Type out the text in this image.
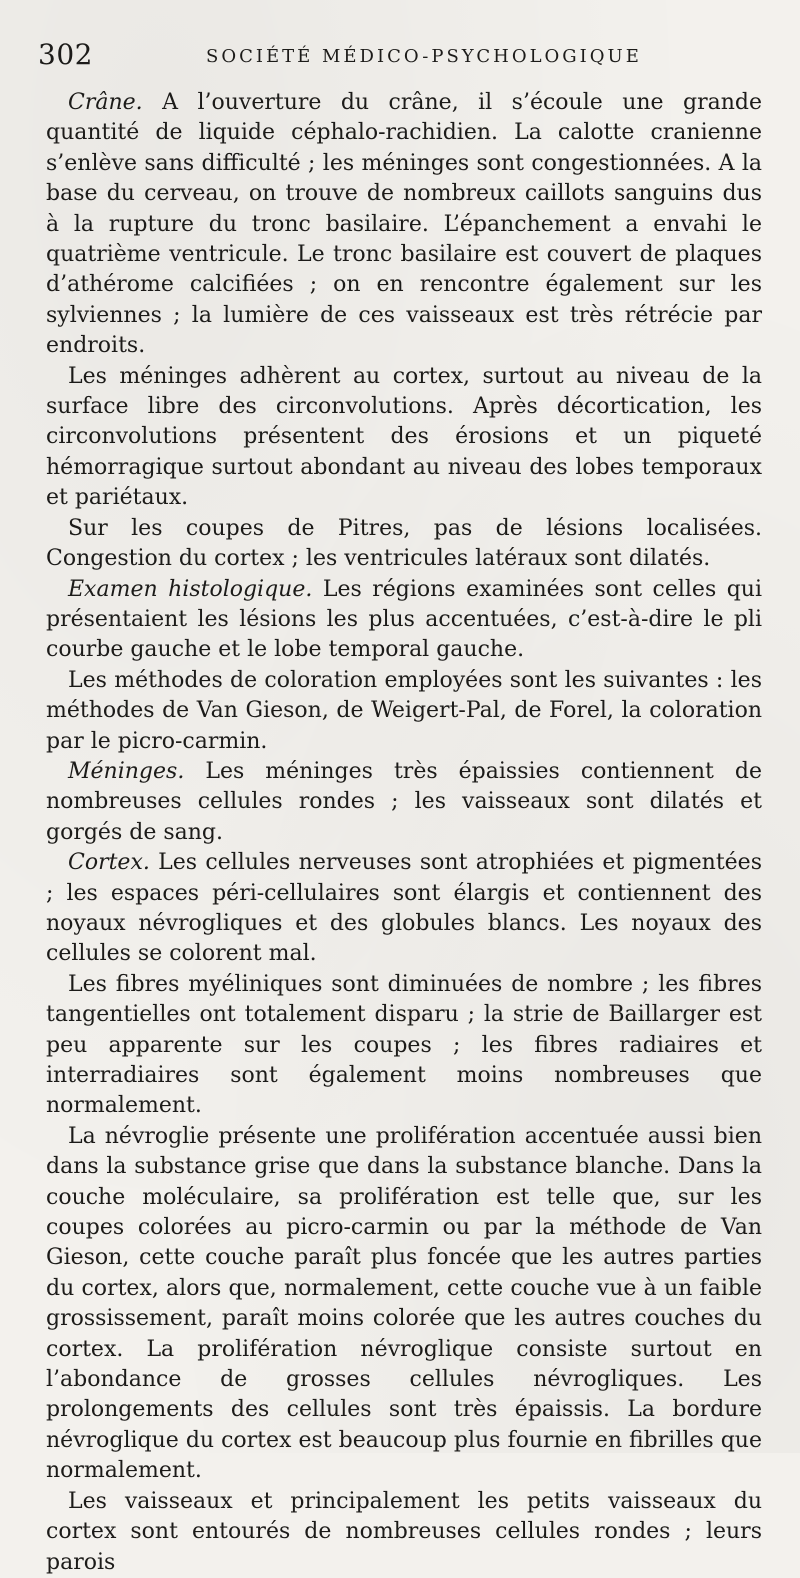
302	SOCIÉTÉ MÉDICO-PSYCHOLOGIQUE

Crâne. A l’ouverture du crâne, il s’écoule une grande quantité de liquide céphalo-rachidien. La calotte cranienne s’enlève sans difficulté ; les méninges sont congestionnées. A la base du cerveau, on trouve de nombreux caillots sanguins dus à la rupture du tronc basilaire. L’épanchement a envahi le quatrième ventricule. Le tronc basilaire est couvert de plaques d’athérome calcifiées ; on en rencontre également sur les sylviennes ; la lumière de ces vaisseaux est très rétrécie par endroits.

Les méninges adhèrent au cortex, surtout au niveau de la surface libre des circonvolutions. Après décortication, les circonvolutions présentent des érosions et un piqueté hémorragique surtout abondant au niveau des lobes temporaux et pariétaux.

Sur les coupes de Pitres, pas de lésions localisées. Congestion du cortex ; les ventricules latéraux sont dilatés.

Examen histologique. Les régions examinées sont celles qui présentaient les lésions les plus accentuées, c’est-à-dire le pli courbe gauche et le lobe temporal gauche.

Les méthodes de coloration employées sont les suivantes : les méthodes de Van Gieson, de Weigert-Pal, de Forel, la coloration par le picro-carmin.

Méninges. Les méninges très épaissies contiennent de nombreuses cellules rondes ; les vaisseaux sont dilatés et gorgés de sang.

Cortex. Les cellules nerveuses sont atrophiées et pigmentées ; les espaces péri-cellulaires sont élargis et contiennent des noyaux névrogliques et des globules blancs. Les noyaux des cellules se colorent mal.

Les fibres myéliniques sont diminuées de nombre ; les fibres tangentielles ont totalement disparu ; la strie de Baillarger est peu apparente sur les coupes ; les fibres radiaires et interradiaires sont également moins nombreuses que normalement.

La névroglie présente une prolifération accentuée aussi bien dans la substance grise que dans la substance blanche. Dans la couche moléculaire, sa prolifération est telle que, sur les coupes colorées au picro-carmin ou par la méthode de Van Gieson, cette couche paraît plus foncée que les autres parties du cortex, alors que, normalement, cette couche vue à un faible grossissement, paraît moins colorée que les autres couches du cortex. La prolifération névroglique consiste surtout en l’abondance de grosses cellules névrogliques. Les prolongements des cellules sont très épaissis. La bordure névroglique du cortex est beaucoup plus fournie en fibrilles que normalement.

Les vaisseaux et principalement les petits vaisseaux du cortex sont entourés de nombreuses cellules rondes ; leurs parois
